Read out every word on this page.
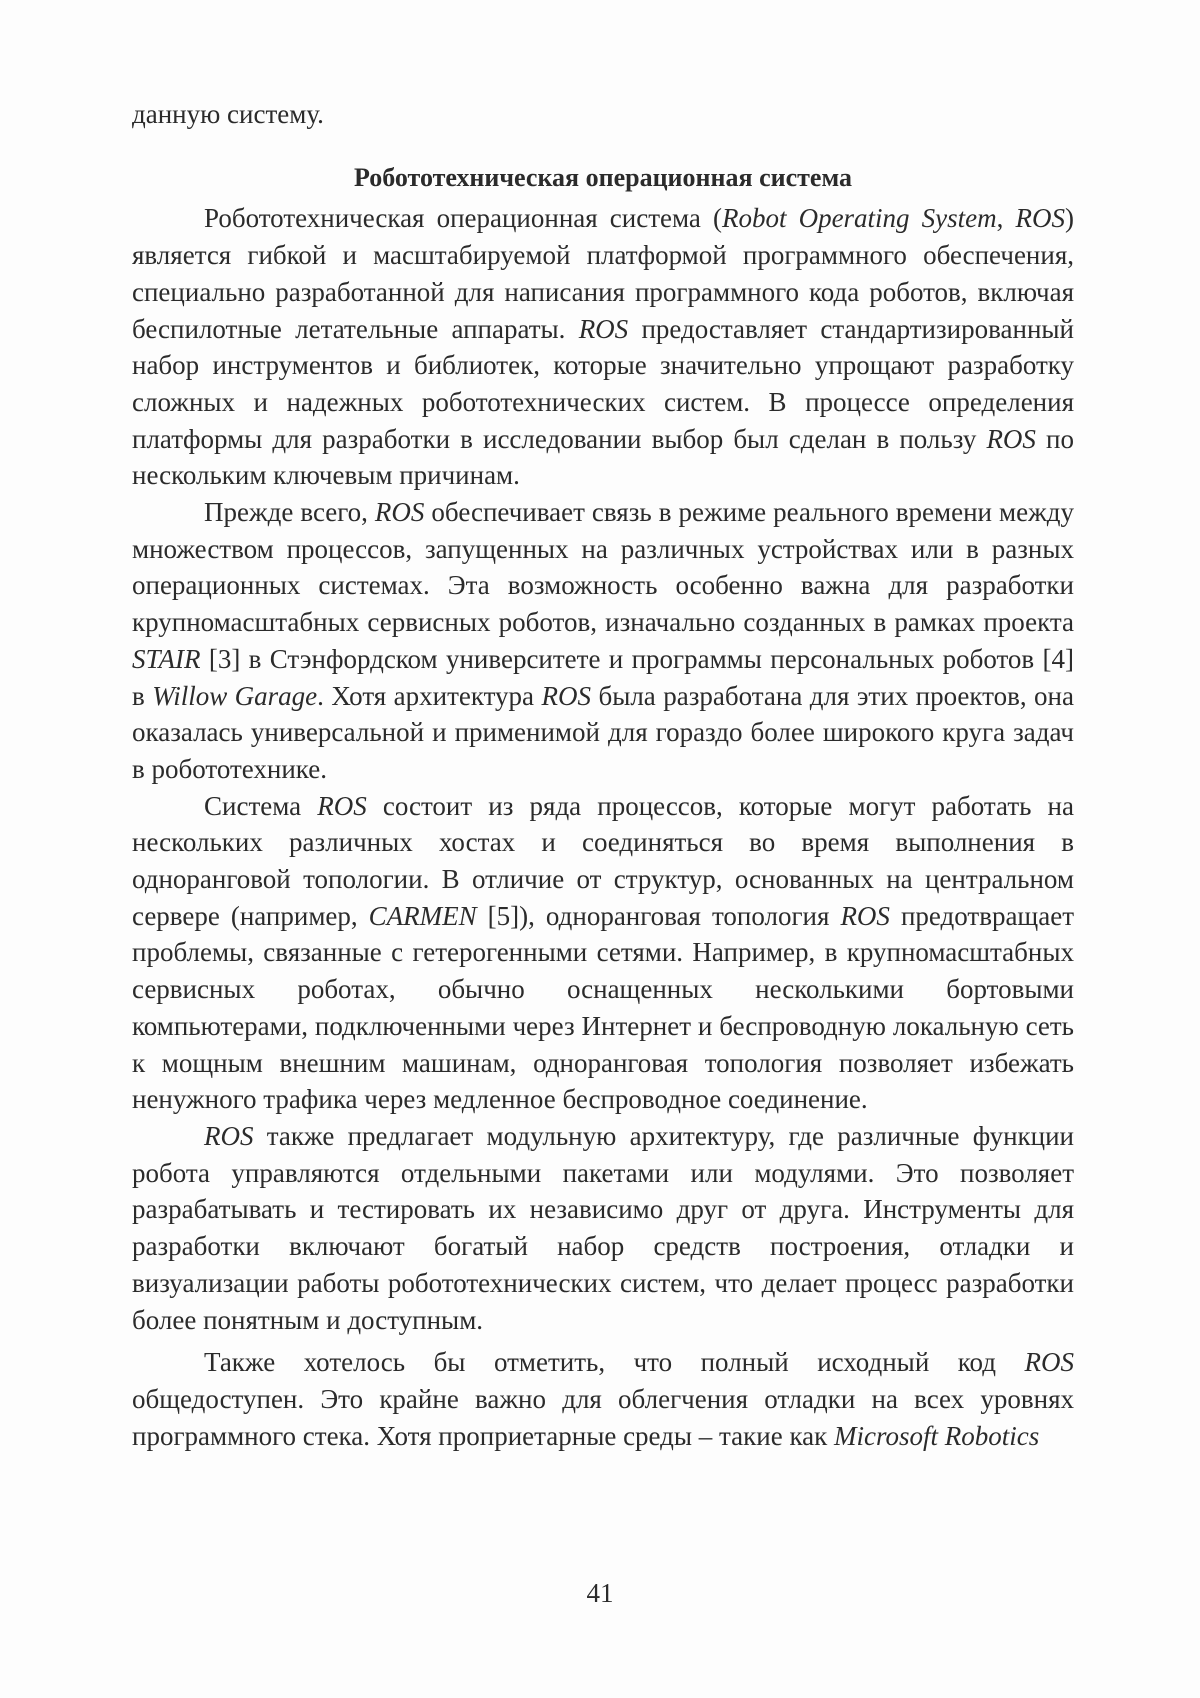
данную систему.

Робототехническая операционная система

Робототехническая операционная система (Robot Operating System, ROS) является гибкой и масштабируемой платформой программного обеспечения, специально разработанной для написания программного кода роботов, включая беспилотные летательные аппараты. ROS предоставляет стандартизированный набор инструментов и библиотек, которые значительно упрощают разработку сложных и надежных робототехнических систем. В процессе определения платформы для разработки в исследовании выбор был сделан в пользу ROS по нескольким ключевым причинам.

Прежде всего, ROS обеспечивает связь в режиме реального времени между множеством процессов, запущенных на различных устройствах или в разных операционных системах. Эта возможность особенно важна для разработки крупномасштабных сервисных роботов, изначально созданных в рамках проекта STAIR [3] в Стэнфордском университете и программы персональных роботов [4] в Willow Garage. Хотя архитектура ROS была разработана для этих проектов, она оказалась универсальной и применимой для гораздо более широкого круга задач в робототехнике.

Система ROS состоит из ряда процессов, которые могут работать на нескольких различных хостах и соединяться во время выполнения в одноранговой топологии. В отличие от структур, основанных на центральном сервере (например, CARMEN [5]), одноранговая топология ROS предотвращает проблемы, связанные с гетерогенными сетями. Например, в крупномасштабных сервисных роботах, обычно оснащенных несколькими бортовыми компьютерами, подключенными через Интернет и беспроводную локальную сеть к мощным внешним машинам, одноранговая топология позволяет избежать ненужного трафика через медленное беспроводное соединение.

ROS также предлагает модульную архитектуру, где различные функции робота управляются отдельными пакетами или модулями. Это позволяет разрабатывать и тестировать их независимо друг от друга. Инструменты для разработки включают богатый набор средств построения, отладки и визуализации работы робототехнических систем, что делает процесс разработки более понятным и доступным.

Также хотелось бы отметить, что полный исходный код ROS общедоступен. Это крайне важно для облегчения отладки на всех уровнях программного стека. Хотя проприетарные среды – такие как Microsoft Robotics

41
